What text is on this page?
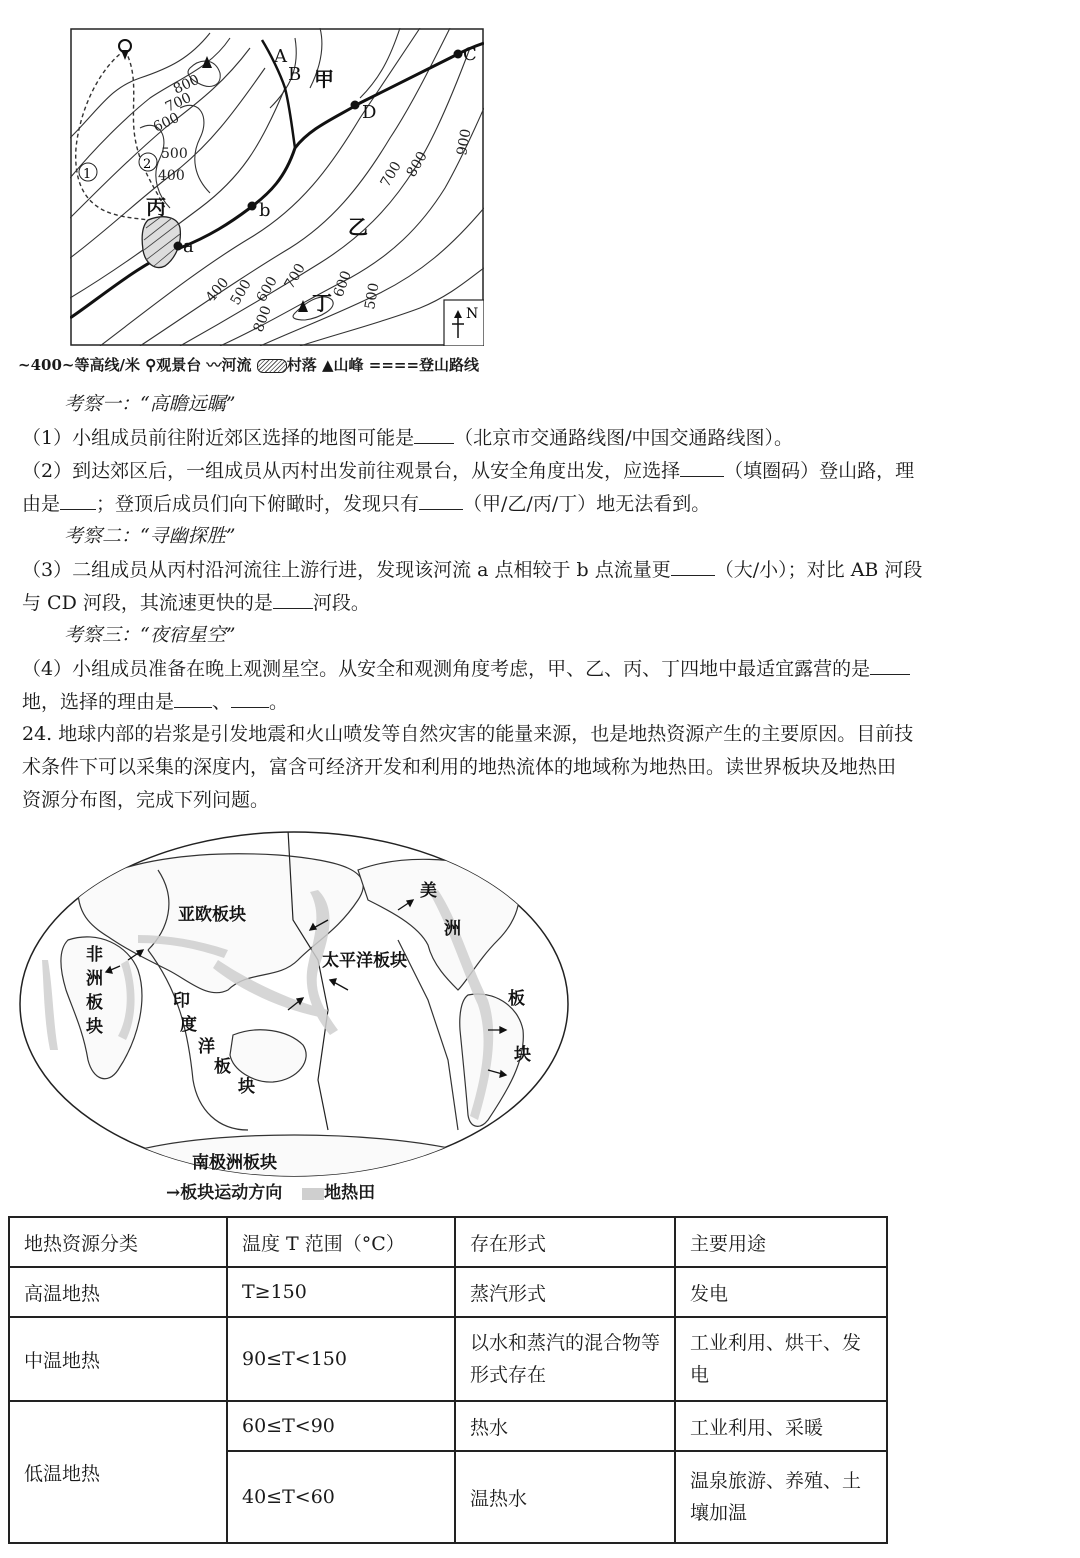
A
B
C
D
a
b
甲
乙
丙
丁
1
2
800
700
600
500
400
900
700
800
400
500
600 700
800
600 500
N
~400~等高线/米 ⚲观景台 〰河流 村落 ▲山峰 ====登山路线
考察一：“高瞻远瞩”
（1）小组成员前往附近郊区选择的地图可能是 （北京市交通路线图/中国交通路线图）。
（2）到达郊区后，一组成员从丙村出发前往观景台，从安全角度出发，应选择 （填圈码）登山路，理
由是 ；登顶后成员们向下俯瞰时，发现只有 （甲/乙/丙/丁）地无法看到。
考察二：“寻幽探胜”
（3）二组成员从丙村沿河流往上游行进，发现该河流 a 点相较于 b 点流量更 （大/小）；对比 AB 河段
与 CD 河段，其流速更快的是 河段。
考察三：“夜宿星空”
（4）小组成员准备在晚上观测星空。从安全和观测角度考虑，甲、乙、丙、丁四地中最适宜露营的是
地，选择的理由是 、 。
24. 地球内部的岩浆是引发地震和火山喷发等自然灾害的能量来源，也是地热资源产生的主要原因。目前技
术条件下可以采集的深度内，富含可经济开发和利用的地热流体的地域称为地热田。读世界板块及地热田
资源分布图，完成下列问题。
亚欧板块
非
洲
板
块
印
度
洋
板
块
太平洋板块
美
洲
板
块
南极洲板块
→板块运动方向 地热田
地热资源分类	温度 T 范围（°C）	存在形式	主要用途
高温地热	T≥150	蒸汽形式	发电
中温地热	90≤T<150	以水和蒸汽的混合物等形式存在	工业利用、烘干、发电
低温地热	60≤T<90	热水	工业利用、采暖
	40≤T<60	温热水	温泉旅游、养殖、土壤加温
